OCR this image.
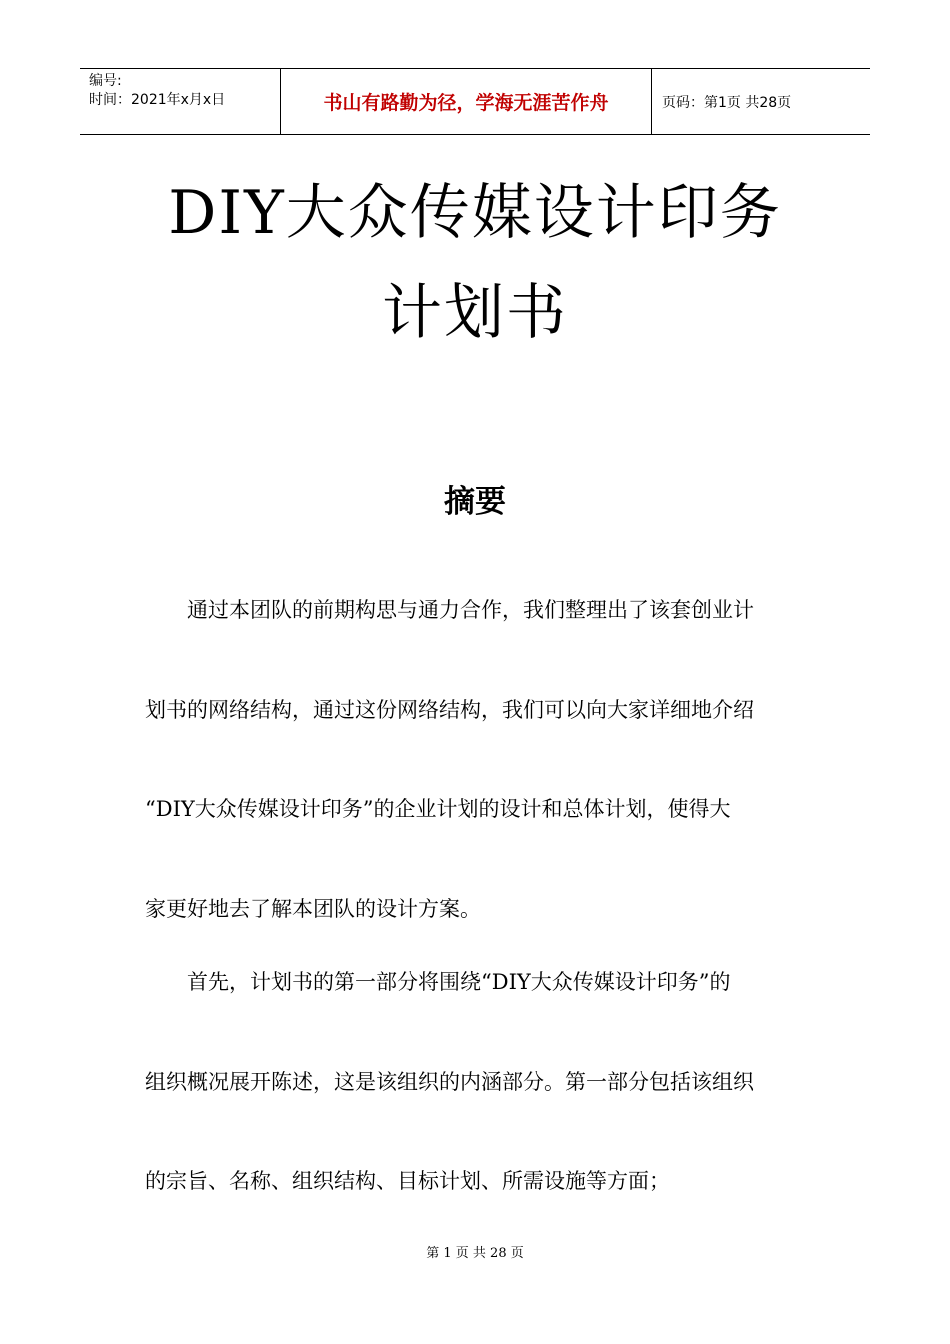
编号:
时间：2021年x月x日	书山有路勤为径，学海无涯苦作舟	页码：第1页 共28页
DIY大众传媒设计印务
计划书
摘要
　　通过本团队的前期构思与通力合作，我们整理出了该套创业计
划书的网络结构，通过这份网络结构，我们可以向大家详细地介绍
“DIY大众传媒设计印务”的企业计划的设计和总体计划，使得大
家更好地去了解本团队的设计方案。
　　首先，计划书的第一部分将围绕“DIY大众传媒设计印务”的
组织概况展开陈述，这是该组织的内涵部分。第一部分包括该组织
的宗旨、名称、组织结构、目标计划、所需设施等方面；
第 1 页 共 28 页
